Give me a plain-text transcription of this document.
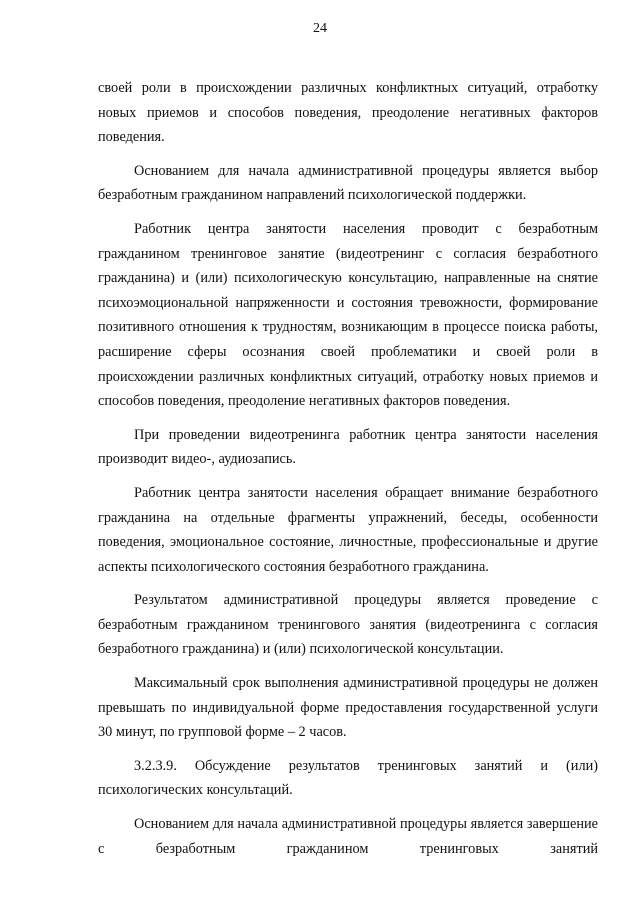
24

своей роли в происхождении различных конфликтных ситуаций, отработку новых приемов и способов поведения, преодоление негативных факторов поведения.

Основанием для начала административной процедуры является выбор безработным гражданином направлений психологической поддержки.

Работник центра занятости населения проводит с безработным гражданином тренинговое занятие (видеотренинг с согласия безработного гражданина) и (или) психологическую консультацию, направленные на снятие психоэмоциональной напряженности и состояния тревожности, формирование позитивного отношения к трудностям, возникающим в процессе поиска работы, расширение сферы осознания своей проблематики и своей роли в происхождении различных конфликтных ситуаций, отработку новых приемов и способов поведения, преодоление негативных факторов поведения.

При проведении видеотренинга работник центра занятости населения производит видео-, аудиозапись.

Работник центра занятости населения обращает внимание безработного гражданина на отдельные фрагменты упражнений, беседы, особенности поведения, эмоциональное состояние, личностные, профессиональные и другие аспекты психологического состояния безработного гражданина.

Результатом административной процедуры является проведение с безработным гражданином тренингового занятия (видеотренинга с согласия безработного гражданина) и (или) психологической консультации.

Максимальный срок выполнения административной процедуры не должен превышать по индивидуальной форме предоставления государственной услуги 30 минут, по групповой форме – 2 часов.

3.2.3.9. Обсуждение результатов тренинговых занятий и (или) психологических консультаций.

Основанием для начала административной процедуры является завершение с безработным гражданином тренинговых занятий
